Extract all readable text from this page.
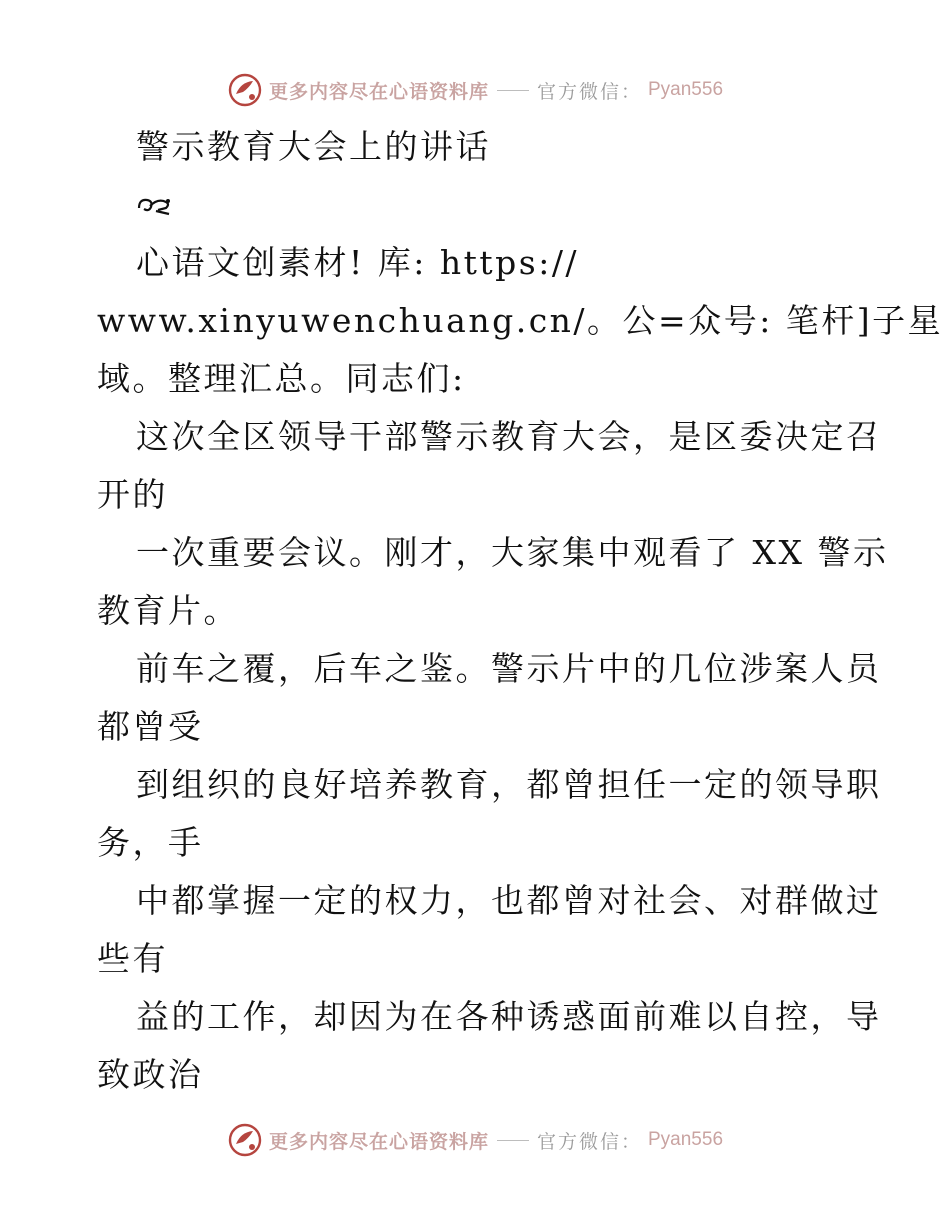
更多内容尽在心语资料库	官方微信： Pyan556
警示教育大会上的讲话
心语文创素材! 库: https://
www.xinyuwenchuang.cn/。公=众号: 笔杆]子星
域。整理汇总。同志们:
这次全区领导干部警示教育大会，是区委决定召
开的
一次重要会议。刚才，大家集中观看了 XX 警示
教育片。
前车之覆，后车之鉴。警示片中的几位涉案人员
都曾受
到组织的良好培养教育，都曾担任一定的领导职
务，手
中都掌握一定的权力，也都曾对社会、对群做过
些有
益的工作，却因为在各种诱惑面前难以自控，导
致政治
更多内容尽在心语资料库	官方微信： Pyan556
